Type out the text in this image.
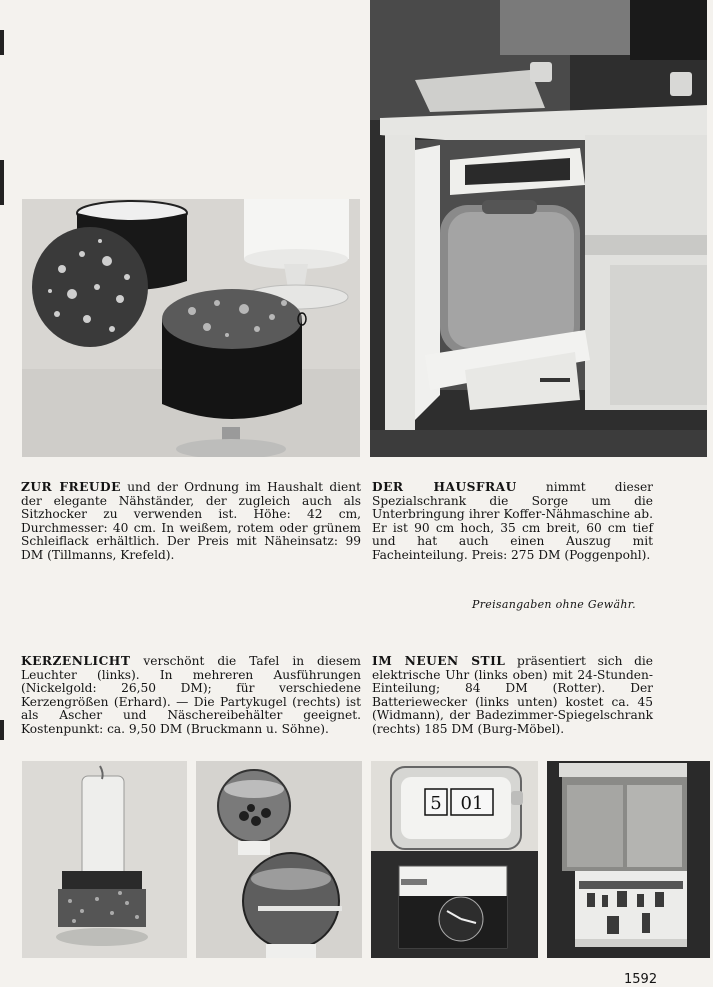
ZUR FREUDE und der Ordnung im Haushalt dient der elegante Nähständer, der zugleich auch als Sitzhocker zu verwenden ist. Höhe: 42 cm, Durchmesser: 40 cm. In weißem, rotem oder grünem Schleiflack erhältlich. Der Preis mit Näheinsatz: 99 DM (Tillmanns, Krefeld).

DER HAUSFRAU nimmt dieser Spezialschrank die Sorge um die Unterbringung ihrer Koffer-Nähmaschine ab. Er ist 90 cm hoch, 35 cm breit, 60 cm tief und hat auch einen Auszug mit Facheinteilung. Preis: 275 DM (Poggenpohl).

Preisangaben ohne Gewähr.

KERZENLICHT verschönt die Tafel in diesem Leuchter (links). In mehreren Ausführungen (Nickelgold: 26,50 DM); für verschiedene Kerzengrößen (Erhard). — Die Partykugel (rechts) ist als Ascher und Näschereibehälter geeignet. Kostenpunkt: ca. 9,50 DM (Bruckmann u. Söhne).

IM NEUEN STIL präsentiert sich die elektrische Uhr (links oben) mit 24-Stunden-Einteilung; 84 DM (Rotter). Der Batteriewecker (links unten) kostet ca. 45 (Widmann), der Badezimmer-Spiegelschrank (rechts) 185 DM (Burg-Möbel).

5 01
1592
